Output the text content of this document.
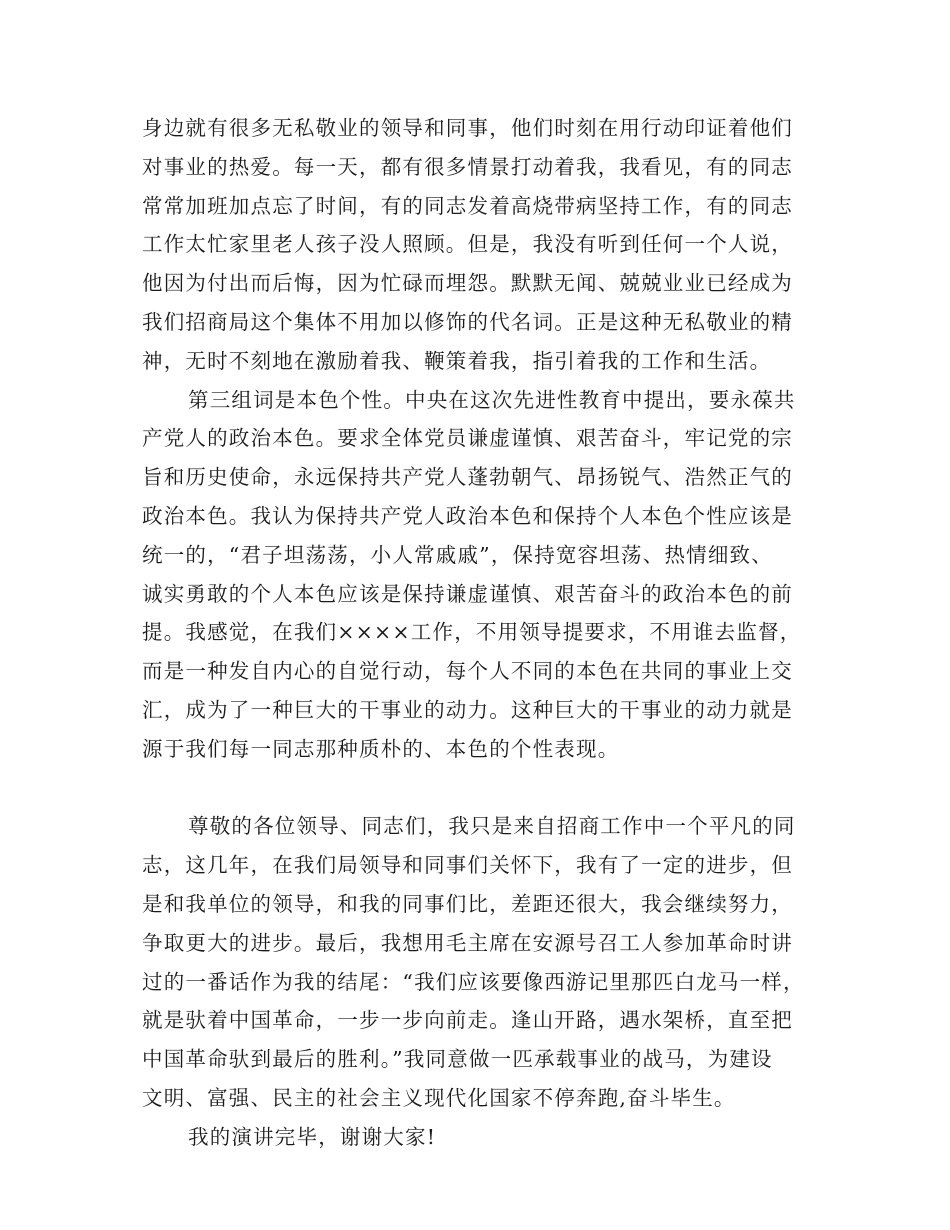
身边就有很多无私敬业的领导和同事，他们时刻在用行动印证着他们
对事业的热爱。每一天，都有很多情景打动着我，我看见，有的同志
常常加班加点忘了时间，有的同志发着高烧带病坚持工作，有的同志
工作太忙家里老人孩子没人照顾。但是，我没有听到任何一个人说，
他因为付出而后悔，因为忙碌而埋怨。默默无闻、兢兢业业已经成为
我们招商局这个集体不用加以修饰的代名词。正是这种无私敬业的精
神，无时不刻地在激励着我、鞭策着我，指引着我的工作和生活。
第三组词是本色个性。中央在这次先进性教育中提出，要永葆共
产党人的政治本色。要求全体党员谦虚谨慎、艰苦奋斗，牢记党的宗
旨和历史使命，永远保持共产党人蓬勃朝气、昂扬锐气、浩然正气的
政治本色。我认为保持共产党人政治本色和保持个人本色个性应该是
统一的，“君子坦荡荡，小人常戚戚”，保持宽容坦荡、热情细致、
诚实勇敢的个人本色应该是保持谦虚谨慎、艰苦奋斗的政治本色的前
提。我感觉，在我们××××工作，不用领导提要求，不用谁去监督，
而是一种发自内心的自觉行动，每个人不同的本色在共同的事业上交
汇，成为了一种巨大的干事业的动力。这种巨大的干事业的动力就是
源于我们每一同志那种质朴的、本色的个性表现。
尊敬的各位领导、同志们，我只是来自招商工作中一个平凡的同
志，这几年，在我们局领导和同事们关怀下，我有了一定的进步，但
是和我单位的领导，和我的同事们比，差距还很大，我会继续努力，
争取更大的进步。最后，我想用毛主席在安源号召工人参加革命时讲
过的一番话作为我的结尾：“我们应该要像西游记里那匹白龙马一样，
就是驮着中国革命，一步一步向前走。逢山开路，遇水架桥，直至把
中国革命驮到最后的胜利。”我同意做一匹承载事业的战马，为建设
文明、富强、民主的社会主义现代化国家不停奔跑,奋斗毕生。
我的演讲完毕，谢谢大家!
